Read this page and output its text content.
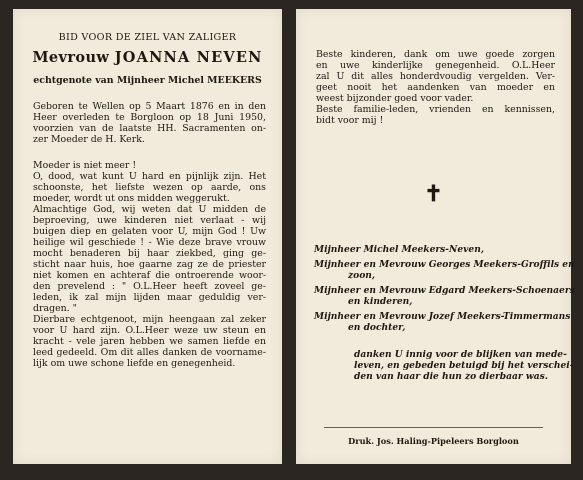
BID VOOR DE ZIEL VAN ZALIGER
Mevrouw JOANNA NEVEN
echtgenote van Mijnheer Michel MEEKERS
Geboren te Wellen op 5 Maart 1876 en in den
Heer overleden te Borgloon op 18 Juni 1950,
voorzien van de laatste HH. Sacramenten on-
zer Moeder de H. Kerk.
Moeder is niet meer !
O, dood, wat kunt U hard en pijnlijk zijn. Het
schoonste, het liefste wezen op aarde, ons
moeder, wordt ut ons midden weggerukt.
Almachtige God, wij weten dat U midden de
beproeving, uwe kinderen niet verlaat - wij
buigen diep en gelaten voor U, mijn God ! Uw
heilige wil geschiede ! - Wie deze brave vrouw
mocht benaderen bij haar ziekbed, ging ge-
sticht naar huis, hoe gaarne zag ze de priester
niet komen en achteraf die ontroerende woor-
den prevelend : " O.L.Heer heeft zoveel ge-
leden, ik zal mijn lijden maar geduldig ver-
dragen. "
Dierbare echtgenoot, mijn heengaan zal zeker
voor U hard zijn. O.L.Heer weze uw steun en
kracht - vele jaren hebben we samen liefde en
leed gedeeld. Om dit alles danken de voorname-
lijk om uwe schone liefde en genegenheid.
Beste kinderen, dank om uwe goede zorgen
en uwe kinderlijke genegenheid. O.L.Heer
zal U dit alles honderdvoudig vergelden. Ver-
geet nooit het aandenken van moeder en
weest bijzonder goed voor vader.
Beste familie-leden, vrienden en kennissen,
bidt voor mij !
✝
Mijnheer Michel Meekers-Neven,
Mijnheer en Mevrouw Georges Meekers-Groffils en
zoon,
Mijnheer en Mevrouw Edgard Meekers-Schoenaers
en kinderen,
Mijnheer en Mevrouw Jozef Meekers-Timmermans
en dochter,
danken U innig voor de blijken van mede-
leven, en gebeden betuigd bij het verschei-
den van haar die hun zo dierbaar was.
Druk. Jos. Haling-Pipeleers Borgloon
